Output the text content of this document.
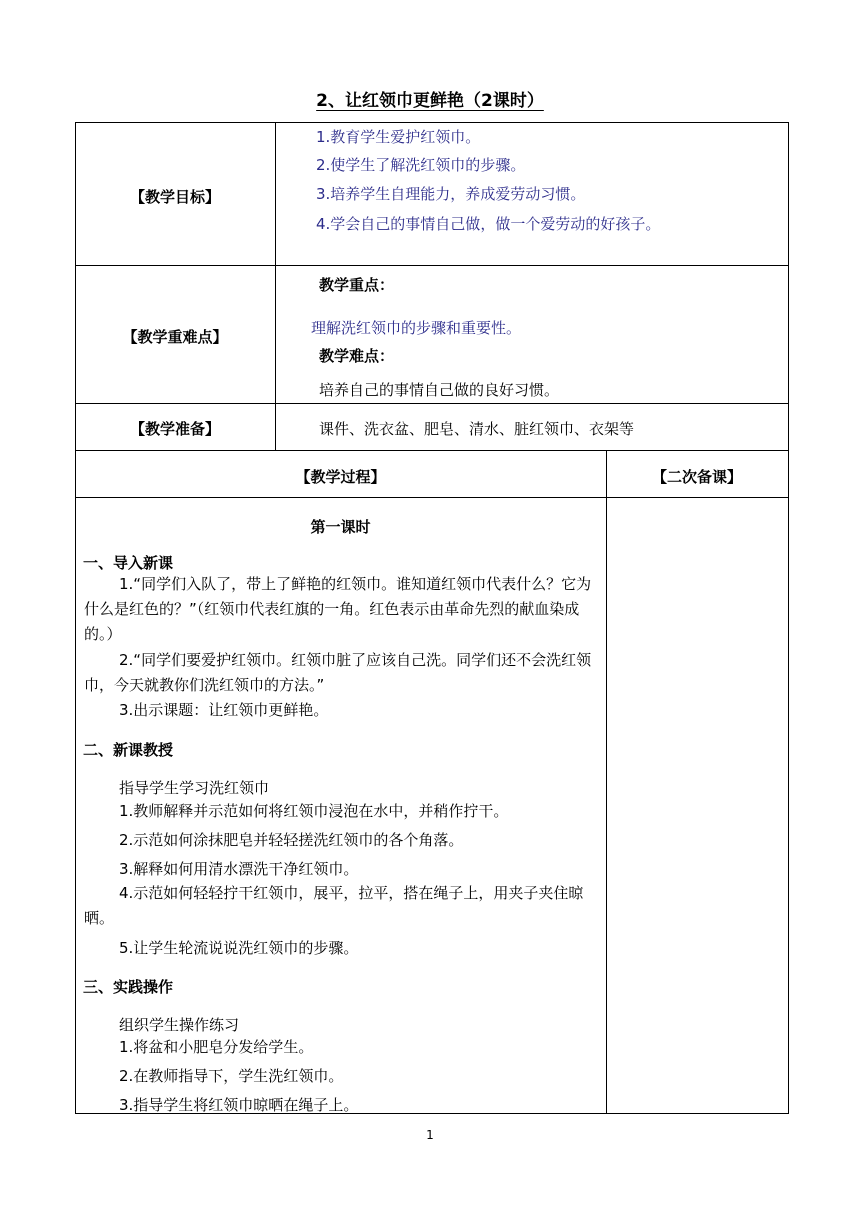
2、让红领巾更鲜艳（2课时）
【教学目标】
1.教育学生爱护红领巾。
2.使学生了解洗红领巾的步骤。
3.培养学生自理能力，养成爱劳动习惯。
4.学会自己的事情自己做，做一个爱劳动的好孩子。
【教学重难点】
教学重点：
理解洗红领巾的步骤和重要性。
教学难点：
培养自己的事情自己做的良好习惯。
【教学准备】	课件、洗衣盆、肥皂、清水、脏红领巾、衣架等
【教学过程】	【二次备课】
第一课时
一、导入新课
1.“同学们入队了，带上了鲜艳的红领巾。谁知道红领巾代表什么？它为什么是红色的？”（红领巾代表红旗的一角。红色表示由革命先烈的献血染成的。）
2.“同学们要爱护红领巾。红领巾脏了应该自己洗。同学们还不会洗红领巾，今天就教你们洗红领巾的方法。”
3.出示课题：让红领巾更鲜艳。
二、新课教授
指导学生学习洗红领巾
1.教师解释并示范如何将红领巾浸泡在水中，并稍作拧干。
2.示范如何涂抹肥皂并轻轻搓洗红领巾的各个角落。
3.解释如何用清水漂洗干净红领巾。
4.示范如何轻轻拧干红领巾，展平，拉平，搭在绳子上，用夹子夹住晾晒。
5.让学生轮流说说洗红领巾的步骤。
三、实践操作
组织学生操作练习
1.将盆和小肥皂分发给学生。
2.在教师指导下，学生洗红领巾。
3.指导学生将红领巾晾晒在绳子上。
1
